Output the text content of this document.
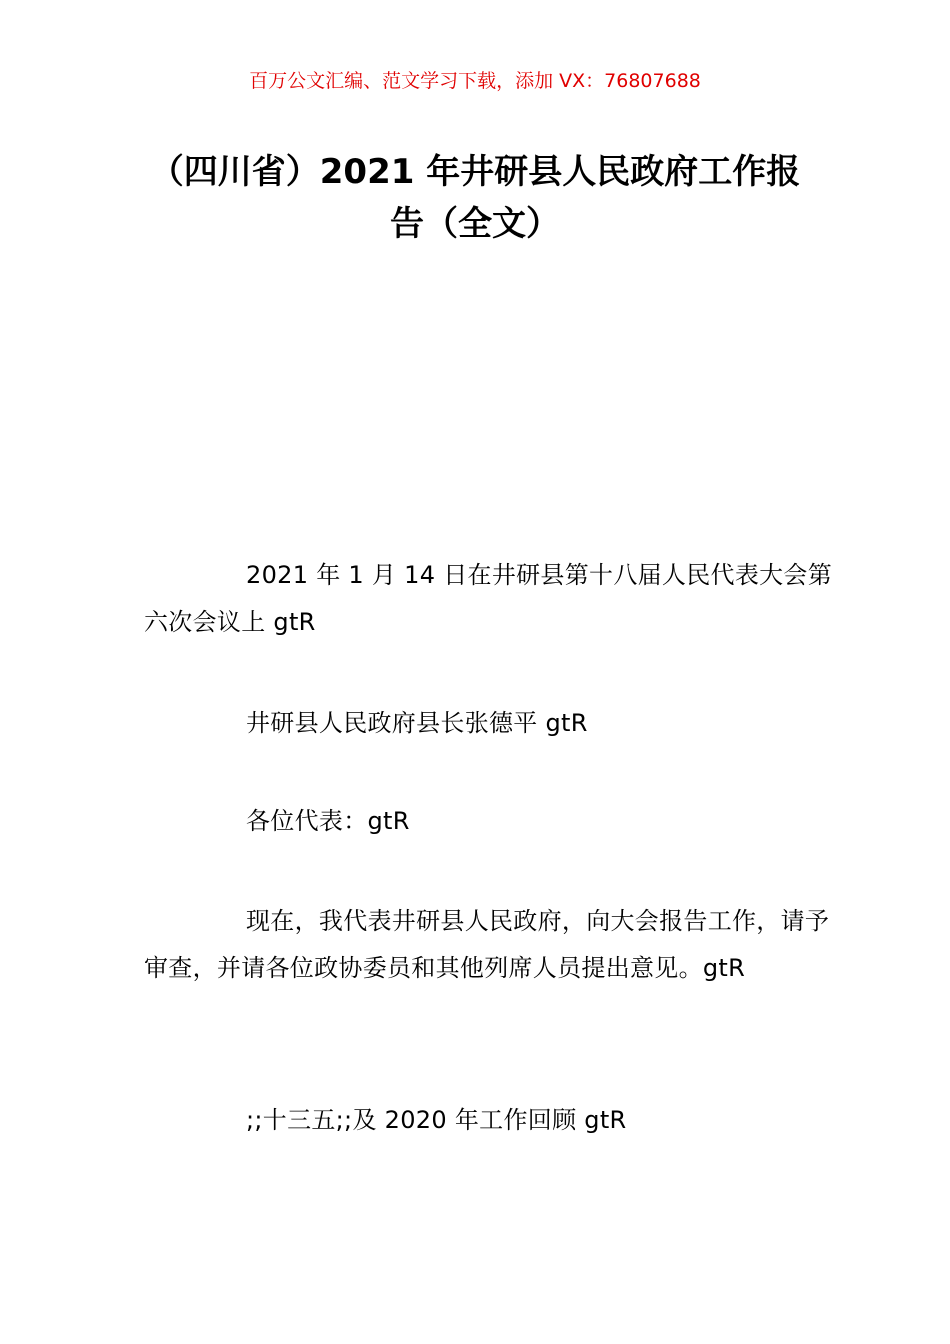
百万公文汇编、范文学习下载，添加 VX：76807688
（四川省）2021 年井研县人民政府工作报
告（全文）

2021 年 1 月 14 日在井研县第十八届人民代表大会第六次会议上 gtR

井研县人民政府县长张德平 gtR

各位代表：gtR

现在，我代表井研县人民政府，向大会报告工作，请予审查，并请各位政协委员和其他列席人员提出意见。gtR

;;十三五;;及 2020 年工作回顾 gtR
